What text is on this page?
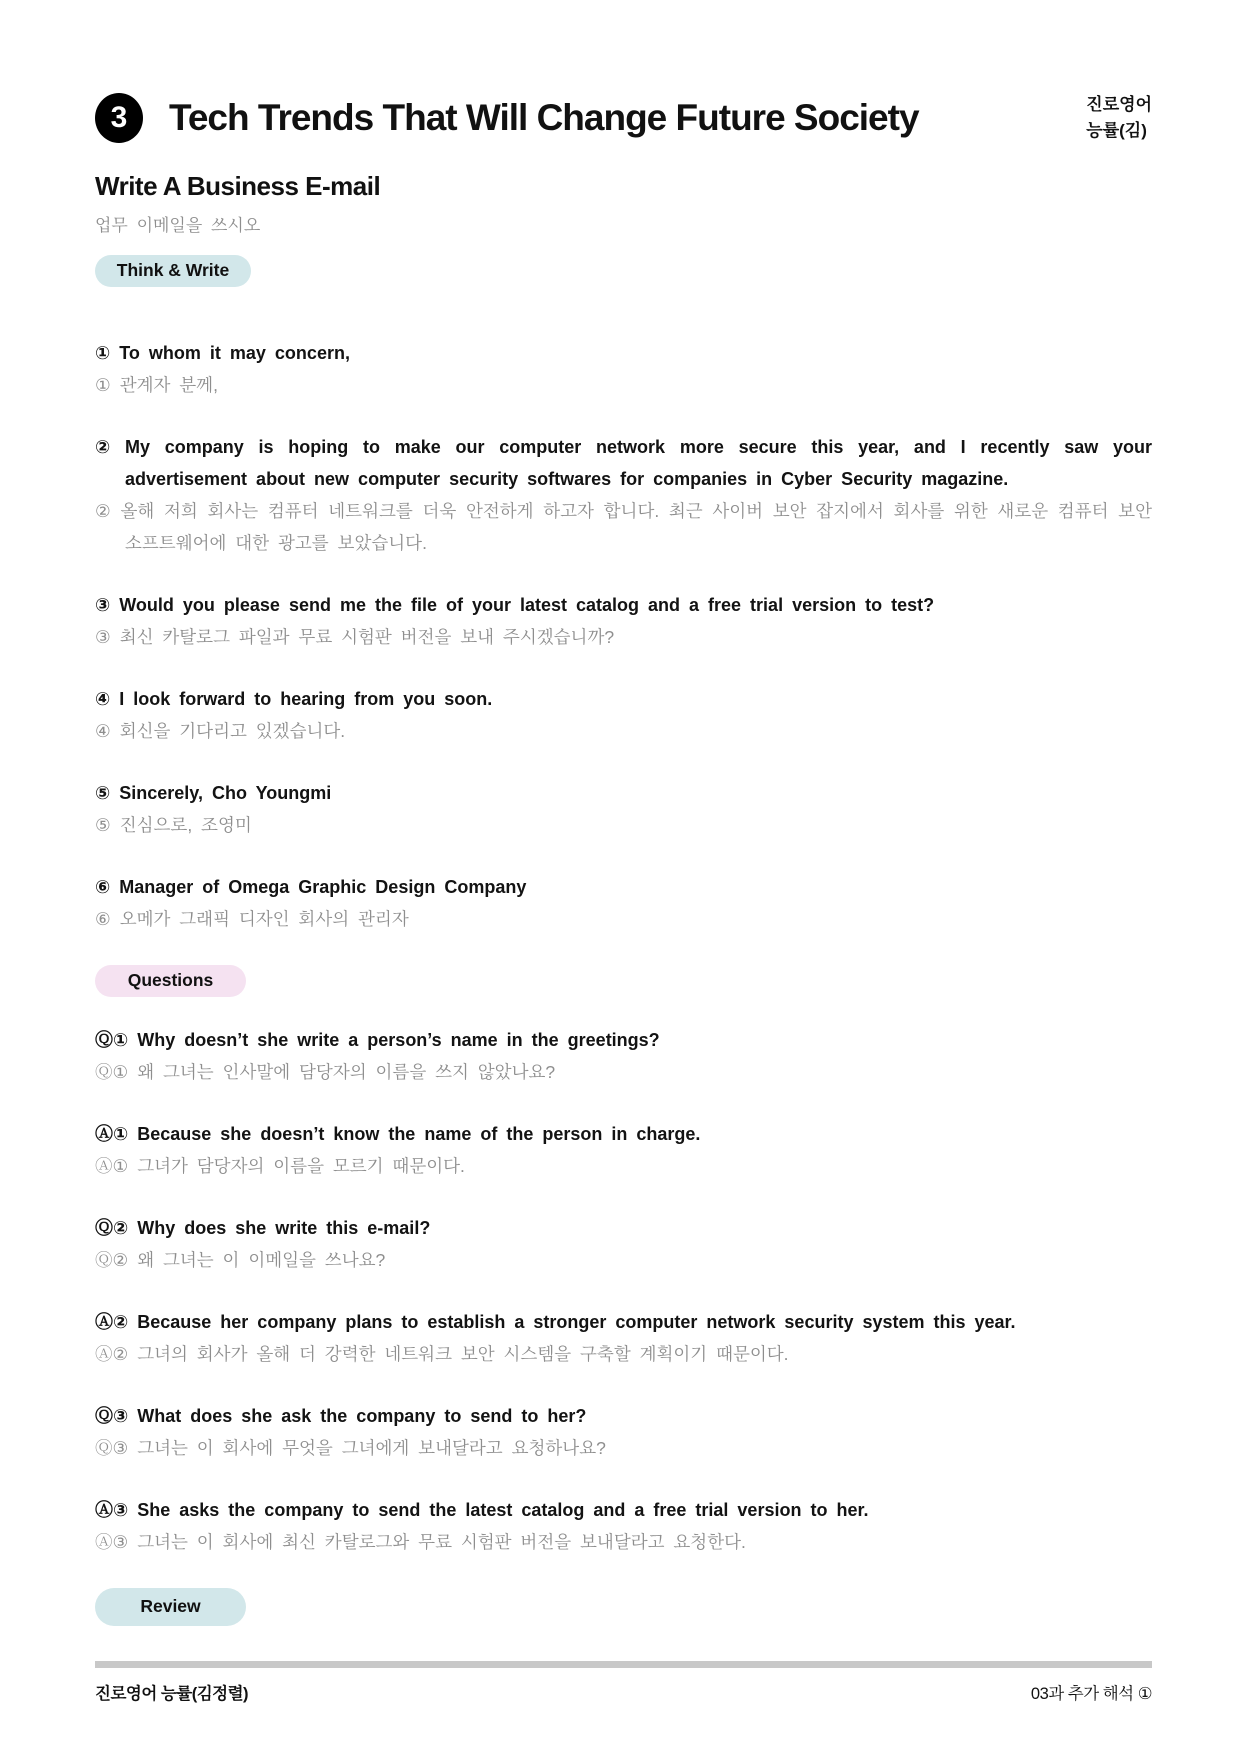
3	Tech Trends That Will Change Future Society	진로영어
능률(김)
Write A Business E-mail
업무 이메일을 쓰시오
Think & Write
① To whom it may concern,
① 관계자 분께,
② My company is hoping to make our computer network more secure this year, and I recently saw your advertisement about new computer security softwares for companies in Cyber Security magazine.
② 올해 저희 회사는 컴퓨터 네트워크를 더욱 안전하게 하고자 합니다. 최근 사이버 보안 잡지에서 회사를 위한 새로운 컴퓨터 보안 소프트웨어에 대한 광고를 보았습니다.
③ Would you please send me the file of your latest catalog and a free trial version to test?
③ 최신 카탈로그 파일과 무료 시험판 버전을 보내 주시겠습니까?
④ I look forward to hearing from you soon.
④ 회신을 기다리고 있겠습니다.
⑤ Sincerely, Cho Youngmi
⑤ 진심으로, 조영미
⑥ Manager of Omega Graphic Design Company
⑥ 오메가 그래픽 디자인 회사의 관리자
Questions
Ⓠ① Why doesn’t she write a person’s name in the greetings?
Ⓠ① 왜 그녀는 인사말에 담당자의 이름을 쓰지 않았나요?
Ⓐ① Because she doesn’t know the name of the person in charge.
Ⓐ① 그녀가 담당자의 이름을 모르기 때문이다.
Ⓠ② Why does she write this e-mail?
Ⓠ② 왜 그녀는 이 이메일을 쓰나요?
Ⓐ② Because her company plans to establish a stronger computer network security system this year.
Ⓐ② 그녀의 회사가 올해 더 강력한 네트워크 보안 시스템을 구축할 계획이기 때문이다.
Ⓠ③ What does she ask the company to send to her?
Ⓠ③ 그녀는 이 회사에 무엇을 그녀에게 보내달라고 요청하나요?
Ⓐ③ She asks the company to send the latest catalog and a free trial version to her.
Ⓐ③ 그녀는 이 회사에 최신 카탈로그와 무료 시험판 버전을 보내달라고 요청한다.
Review
진로영어 능률(김정렬)	03과 추가 해석 ①
